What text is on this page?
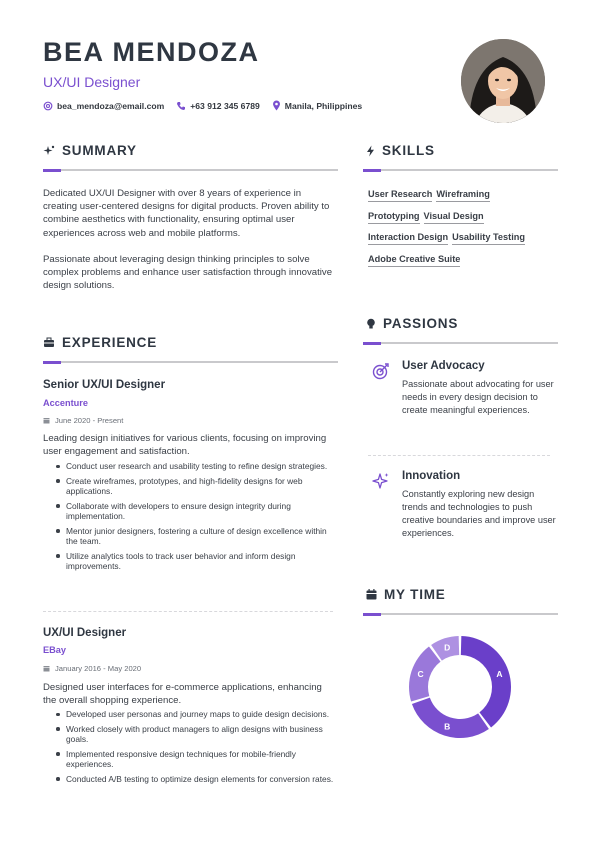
BEA MENDOZA
UX/UI Designer
bea_mendoza@email.com	+63 912 345 6789	Manila, Philippines
SUMMARY
Dedicated UX/UI Designer with over 8 years of experience in creating user-centered designs for digital products. Proven ability to combine aesthetics with functionality, ensuring optimal user experiences across web and mobile platforms.
Passionate about leveraging design thinking principles to solve complex problems and enhance user satisfaction through innovative design solutions.
EXPERIENCE
Senior UX/UI Designer
Accenture
June 2020 - Present
Leading design initiatives for various clients, focusing on improving user engagement and satisfaction.
Conduct user research and usability testing to refine design strategies.
Create wireframes, prototypes, and high-fidelity designs for web applications.
Collaborate with developers to ensure design integrity during implementation.
Mentor junior designers, fostering a culture of design excellence within the team.
Utilize analytics tools to track user behavior and inform design improvements.
UX/UI Designer
EBay
January 2016 - May 2020
Designed user interfaces for e-commerce applications, enhancing the overall shopping experience.
Developed user personas and journey maps to guide design decisions.
Worked closely with product managers to align designs with business goals.
Implemented responsive design techniques for mobile-friendly experiences.
Conducted A/B testing to optimize design elements for conversion rates.
SKILLS
User Research Wireframing
Prototyping Visual Design
Interaction Design Usability Testing
Adobe Creative Suite
PASSIONS
User Advocacy
Passionate about advocating for user needs in every design decision to create meaningful experiences.
Innovation
Constantly exploring new design trends and technologies to push creative boundaries and improve user experiences.
MY TIME
A
B
C
D
